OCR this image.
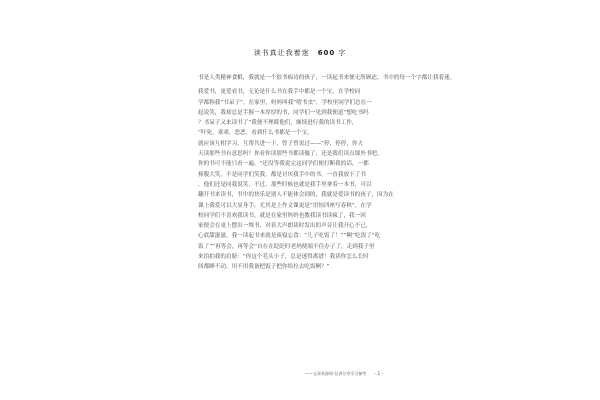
读书真让我着迷 600 字
书是人类精神食粮，我就是一个很书痴诗的孩子，一读起书来便无所顾虑，书中的每一个字都让我着迷。
我爱书，更爱看书，无论是什么书在我手中都是一个宝，在学校同
学都称我“书呆子”，在家里，妈妈叫我“啃书虫”，学校里同学们总在一
起说笑，我却总是手握一本厚厚的书，同学们一见到我便道“想吃书吗
？书呆子又来读书了”我便不理睬他们，继续进行我的读书工作，
“吓死，乖乖，恶恶，看到什么书都是一个宝，
就应该互相学习，互帮共进一下，曾子曾说过——”停，停停，你天
天读那些书有意思吗？你看你读那些书都读傻了，还是我们读点课外书吧。
你的书可不能只看一遍，“还没等我说完这同学们便打断我的话，一都
捧腹大笑，不是同学们笑我，都是讨厌我手中的书，一直我放下了书
，他们还是同我说笑，不过，那些时候也就是我手里拿着一本书，可以
翻开书来读书，书中的快乐是别人不能体会到的，我就是爱读书的孩子，因为在
课上我爱可以大显身手，尤其是上作文课更是“语惊四座写春秋”，在学
校同学们不喜欢我读书，就是在家里妈妈也教我读书读疯了，我一回
家便会在桌上摆出一堆书，对着大声朗读时发出的声音让我开心不已，
心底甜滋滋，我一读起书来就是废寝忘食：“儿子吃饭了！”“啊”吃饭了“吃
饭了”“再等会，再等会”自在在眨眨时老妈便端不住办子了，走到我子里
来拍拍我的肩膀：“你这个毛头小子，总是迷得离谱！我读你怎么长时
间都睡不动，用不用我备把饭子把你给拉去吃饭啊？”
——文章来源网·仅供分享学习参考 - 1 -
